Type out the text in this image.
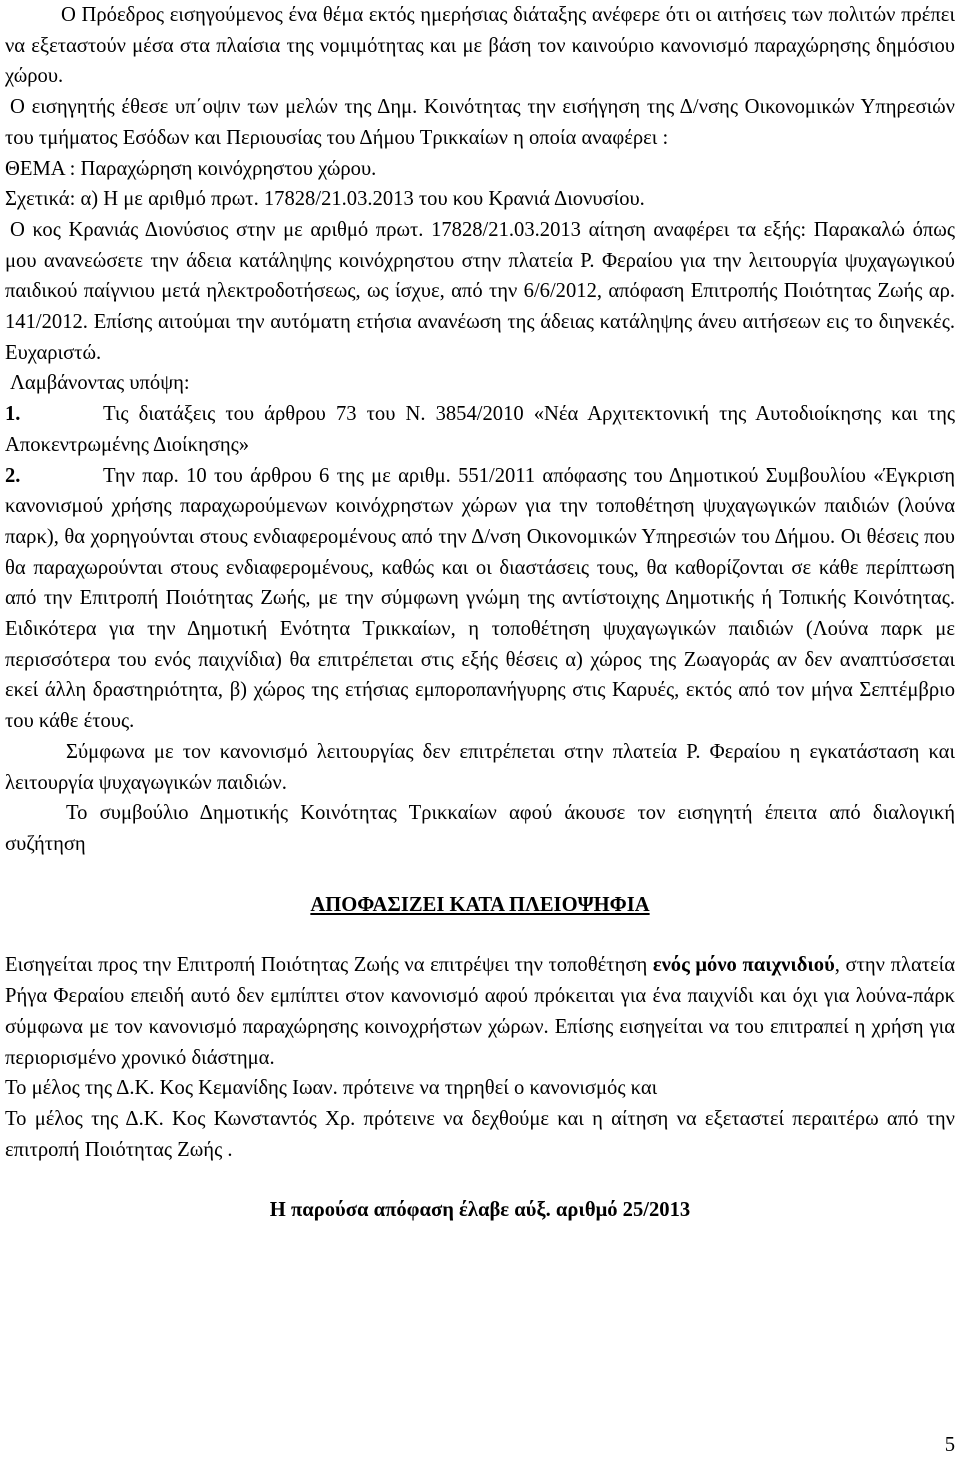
Ο Πρόεδρος εισηγούμενος ένα θέμα εκτός ημερήσιας διάταξης ανέφερε ότι οι αιτήσεις των πολιτών πρέπει να εξεταστούν μέσα στα πλαίσια της νομιμότητας και με βάση τον καινούριο κανονισμό παραχώρησης δημόσιου χώρου.

Ο εισηγητής έθεσε υπ΄οψιν των μελών της Δημ. Κοινότητας την εισήγηση της Δ/νσης Οικονομικών Υπηρεσιών του τμήματος Εσόδων και Περιουσίας του Δήμου Τρικκαίων η οποία αναφέρει :

ΘΕΜΑ : Παραχώρηση κοινόχρηστου χώρου.

Σχετικά: α) Η με αριθμό πρωτ. 17828/21.03.2013 του κου Κρανιά Διονυσίου.

Ο κος Κρανιάς Διονύσιος στην με αριθμό πρωτ. 17828/21.03.2013 αίτηση αναφέρει τα εξής: Παρακαλώ όπως μου ανανεώσετε την άδεια κατάληψης κοινόχρηστου στην πλατεία Ρ. Φεραίου για την λειτουργία ψυχαγωγικού παιδικού παίγνιου μετά ηλεκτροδοτήσεως, ως ίσχυε, από την 6/6/2012, απόφαση Επιτροπής Ποιότητας Ζωής αρ. 141/2012. Επίσης αιτούμαι την αυτόματη ετήσια ανανέωση της άδειας κατάληψης άνευ αιτήσεων εις το διηνεκές. Ευχαριστώ.

Λαμβάνοντας υπόψη:

1.	Τις διατάξεις του άρθρου 73 του Ν. 3854/2010 «Νέα Αρχιτεκτονική της Αυτοδιοίκησης και της Αποκεντρωμένης Διοίκησης»

2.	Την παρ. 10 του άρθρου 6 της με αριθμ. 551/2011 απόφασης του Δημοτικού Συμβουλίου «Έγκριση κανονισμού χρήσης παραχωρούμενων κοινόχρηστων χώρων για την τοποθέτηση ψυχαγωγικών παιδιών (λούνα παρκ), θα χορηγούνται στους ενδιαφερομένους από την Δ/νση Οικονομικών Υπηρεσιών του Δήμου. Οι θέσεις που θα παραχωρούνται στους ενδιαφερομένους, καθώς και οι διαστάσεις τους, θα καθορίζονται σε κάθε περίπτωση από την Επιτροπή Ποιότητας Ζωής, με την σύμφωνη γνώμη της αντίστοιχης Δημοτικής ή Τοπικής Κοινότητας. Ειδικότερα για την Δημοτική Ενότητα Τρικκαίων, η τοποθέτηση ψυχαγωγικών παιδιών (Λούνα παρκ με περισσότερα του ενός παιχνίδια) θα επιτρέπεται στις εξής θέσεις α) χώρος της Ζωαγοράς αν δεν αναπτύσσεται εκεί άλλη δραστηριότητα, β) χώρος της ετήσιας εμποροπανήγυρης στις Καρυές, εκτός από τον μήνα Σεπτέμβριο του κάθε έτους.

Σύμφωνα με τον κανονισμό λειτουργίας δεν επιτρέπεται στην πλατεία Ρ. Φεραίου η εγκατάσταση και λειτουργία ψυχαγωγικών παιδιών.

Το συμβούλιο Δημοτικής Κοινότητας Τρικκαίων αφού άκουσε τον εισηγητή έπειτα από διαλογική συζήτηση

ΑΠΟΦΑΣΙΖΕΙ ΚΑΤΑ ΠΛΕΙΟΨΗΦΙΑ

Εισηγείται προς την Επιτροπή Ποιότητας Ζωής να επιτρέψει την τοποθέτηση ενός μόνο παιχνιδιού, στην πλατεία Ρήγα Φεραίου επειδή αυτό δεν εμπίπτει στον κανονισμό αφού πρόκειται για ένα παιχνίδι και όχι για λούνα-πάρκ σύμφωνα με τον κανονισμό παραχώρησης κοινοχρήστων χώρων. Επίσης εισηγείται να του επιτραπεί η χρήση για περιορισμένο χρονικό διάστημα.

Το μέλος της Δ.Κ. Κος Κεμανίδης Ιωαν. πρότεινε να τηρηθεί ο κανονισμός και

Το μέλος της Δ.Κ. Κος Κωνσταντός Χρ. πρότεινε να δεχθούμε και η αίτηση να εξεταστεί περαιτέρω από την επιτροπή Ποιότητας Ζωής .

Η παρούσα απόφαση έλαβε αύξ. αριθμό 25/2013

5
